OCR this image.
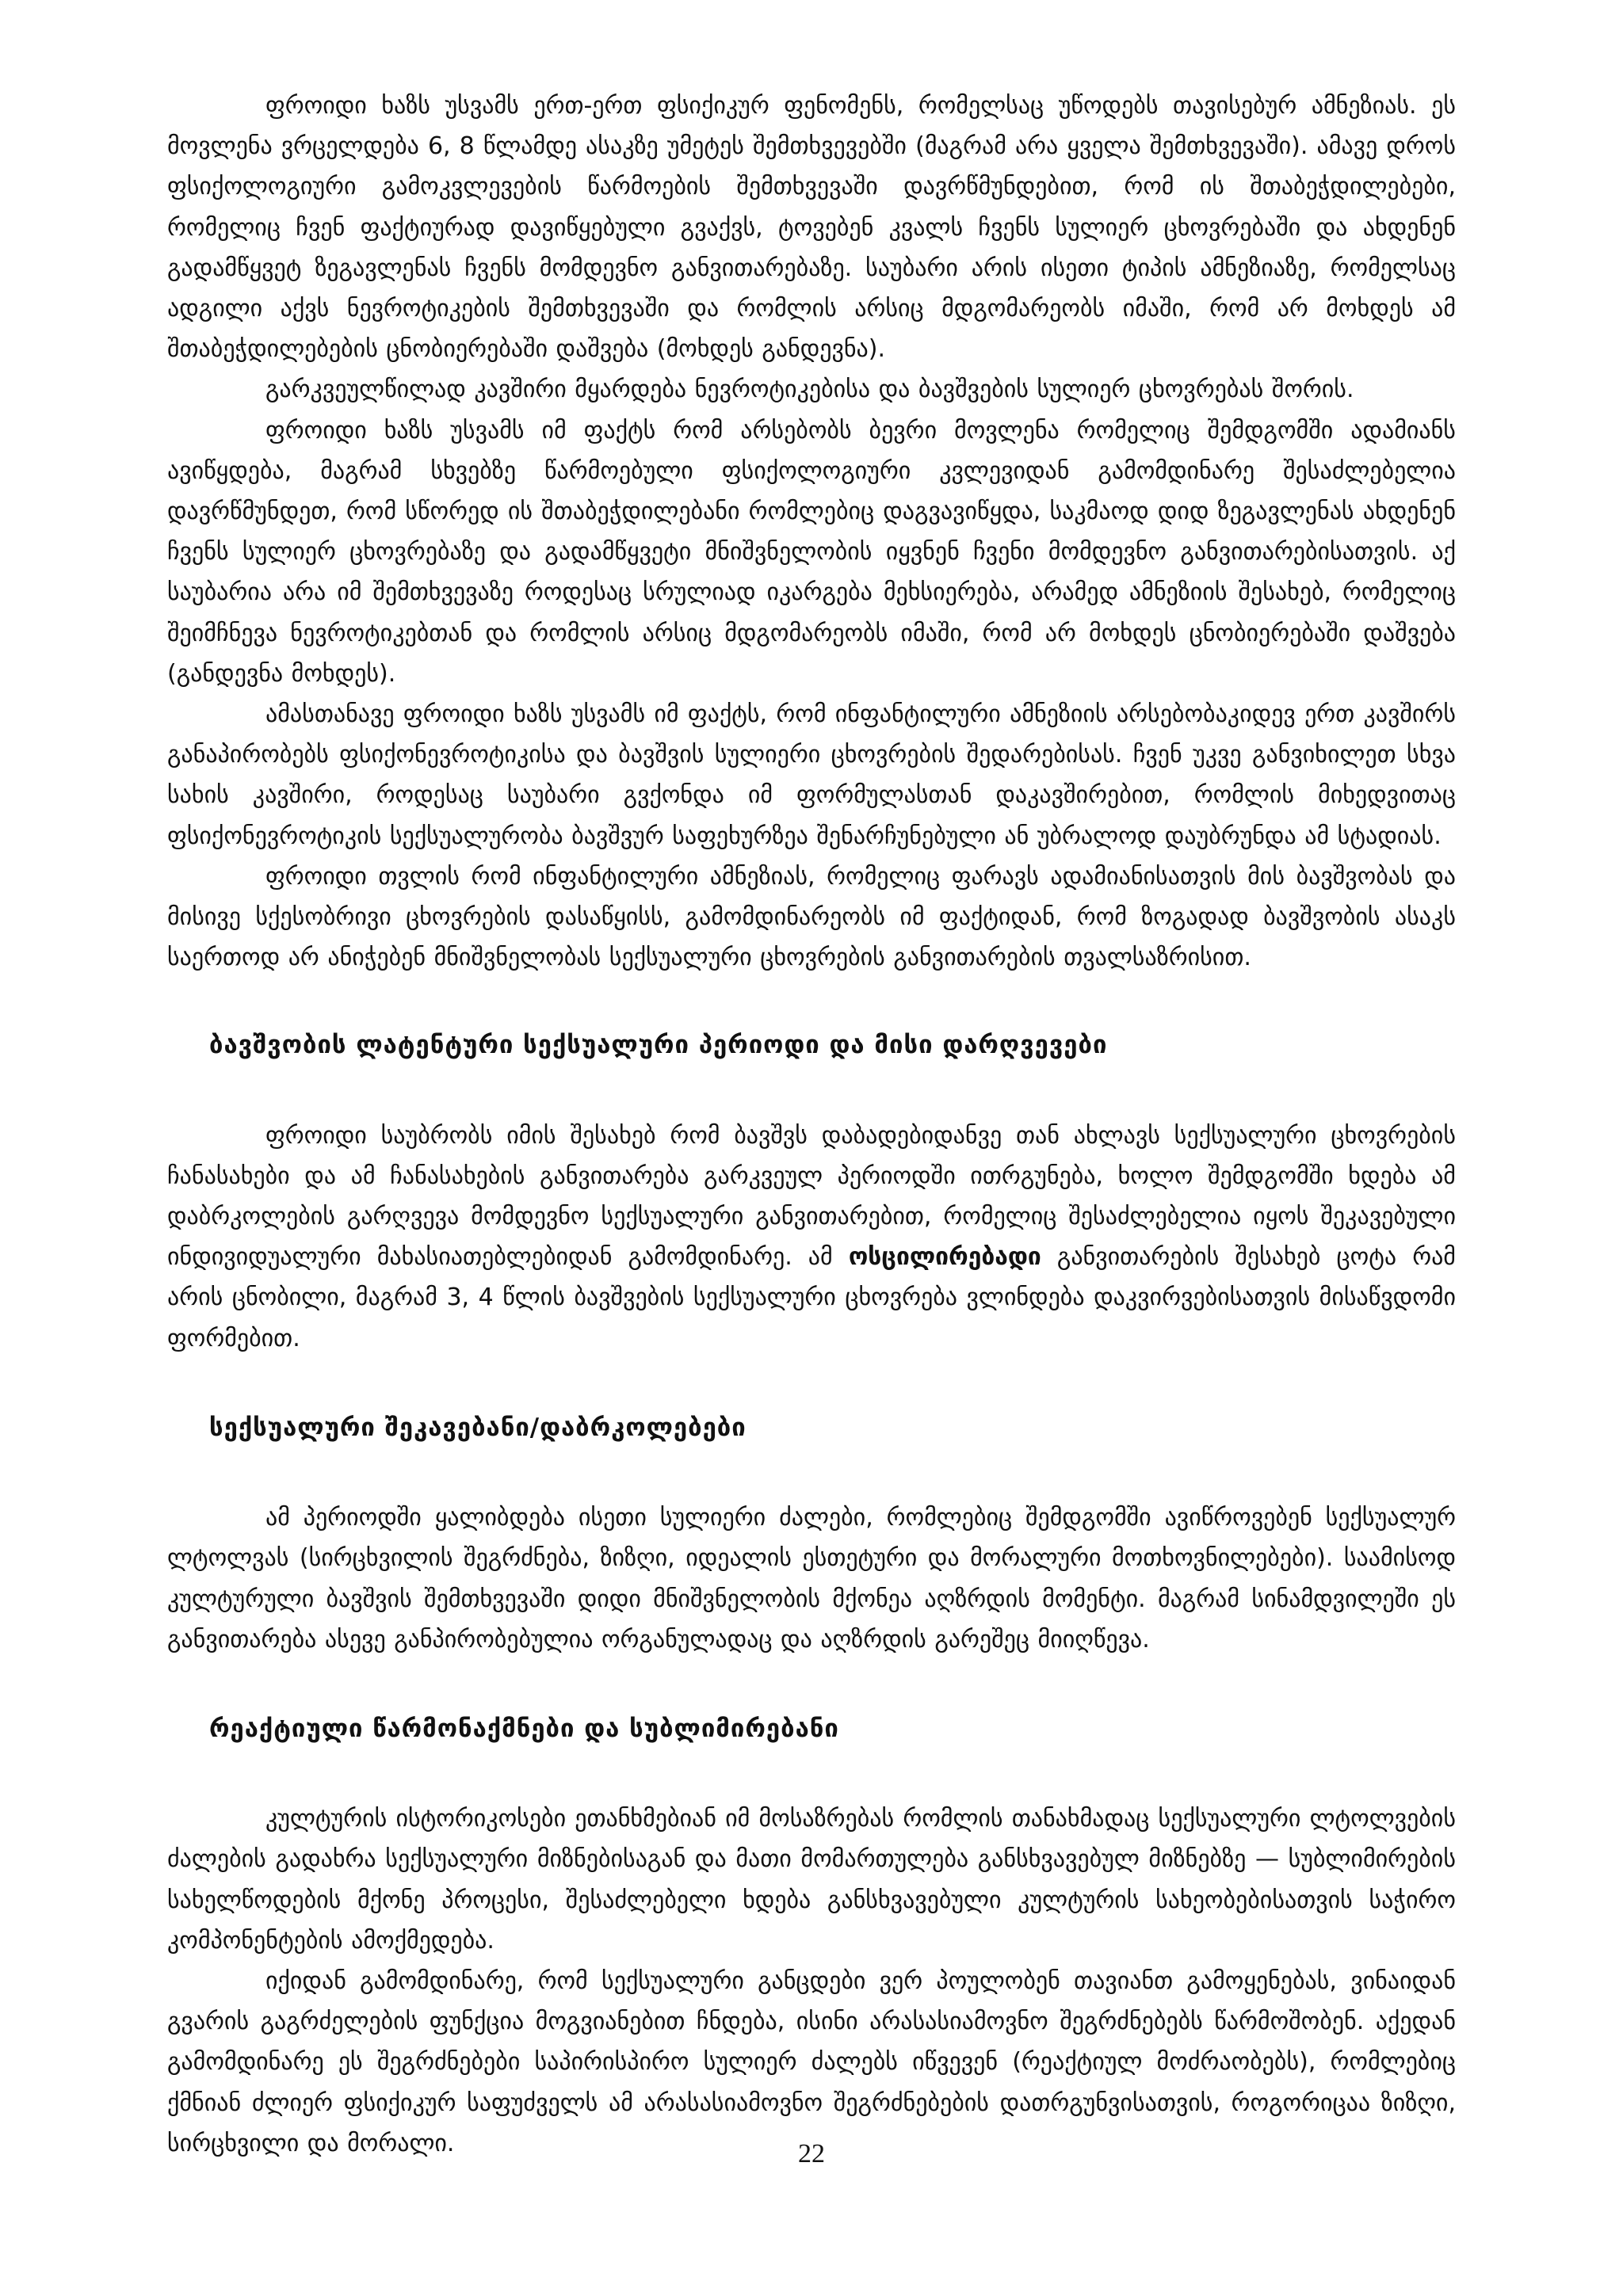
ფროიდი ხაზს უსვამს ერთ-ერთ ფსიქიკურ ფენომენს, რომელსაც უწოდებს თავისებურ ამნეზიას. ეს მოვლენა ვრცელდება 6, 8 წლამდე ასაკზე უმეტეს შემთხვევებში (მაგრამ არა ყველა შემთხვევაში). ამავე დროს ფსიქოლოგიური გამოკვლევების წარმოების შემთხვევაში დავრწმუნდებით, რომ ის შთაბეჭდილებები, რომელიც ჩვენ ფაქტიურად დავიწყებული გვაქვს, ტოვებენ კვალს ჩვენს სულიერ ცხოვრებაში და ახდენენ გადამწყვეტ ზეგავლენას ჩვენს მომდევნო განვითარებაზე. საუბარი არის ისეთი ტიპის ამნეზიაზე, რომელსაც ადგილი აქვს ნევროტიკების შემთხვევაში და რომლის არსიც მდგომარეობს იმაში, რომ არ მოხდეს ამ შთაბეჭდილებების ცნობიერებაში დაშვება (მოხდეს განდევნა).

გარკვეულწილად კავშირი მყარდება ნევროტიკებისა და ბავშვების სულიერ ცხოვრებას შორის.

ფროიდი ხაზს უსვამს იმ ფაქტს რომ არსებობს ბევრი მოვლენა რომელიც შემდგომში ადამიანს ავიწყდება, მაგრამ სხვებზე წარმოებული ფსიქოლოგიური კვლევიდან გამომდინარე შესაძლებელია დავრწმუნდეთ, რომ სწორედ ის შთაბეჭდილებანი რომლებიც დაგვავიწყდა, საკმაოდ დიდ ზეგავლენას ახდენენ ჩვენს სულიერ ცხოვრებაზე და გადამწყვეტი მნიშვნელობის იყვნენ ჩვენი მომდევნო განვითარებისათვის. აქ საუბარია არა იმ შემთხვევაზე როდესაც სრულიად იკარგება მეხსიერება, არამედ ამნეზიის შესახებ, რომელიც შეიმჩნევა ნევროტიკებთან და რომლის არსიც მდგომარეობს იმაში, რომ არ მოხდეს ცნობიერებაში დაშვება (განდევნა მოხდეს).

ამასთანავე ფროიდი ხაზს უსვამს იმ ფაქტს, რომ ინფანტილური ამნეზიის არსებობაკიდევ ერთ კავშირს განაპირობებს ფსიქონევროტიკისა და ბავშვის სულიერი ცხოვრების შედარებისას. ჩვენ უკვე განვიხილეთ სხვა სახის კავშირი, როდესაც საუბარი გვქონდა იმ ფორმულასთან დაკავშირებით, რომლის მიხედვითაც ფსიქონევროტიკის სექსუალურობა ბავშვურ საფეხურზეა შენარჩუნებული ან უბრალოდ დაუბრუნდა ამ სტადიას.

ფროიდი თვლის რომ ინფანტილური ამნეზიას, რომელიც ფარავს ადამიანისათვის მის ბავშვობას და მისივე სქესობრივი ცხოვრების დასაწყისს, გამომდინარეობს იმ ფაქტიდან, რომ ზოგადად ბავშვობის ასაკს საერთოდ არ ანიჭებენ მნიშვნელობას სექსუალური ცხოვრების განვითარების თვალსაზრისით.

ბავშვობის ლატენტური სექსუალური პერიოდი და მისი დარღვევები

ფროიდი საუბრობს იმის შესახებ რომ ბავშვს დაბადებიდანვე თან ახლავს სექსუალური ცხოვრების ჩანასახები და ამ ჩანასახების განვითარება გარკვეულ პერიოდში ითრგუნება, ხოლო შემდგომში ხდება ამ დაბრკოლების გარღვევა მომდევნო სექსუალური განვითარებით, რომელიც შესაძლებელია იყოს შეკავებული ინდივიდუალური მახასიათებლებიდან გამომდინარე. ამ ოსცილირებადი განვითარების შესახებ ცოტა რამ არის ცნობილი, მაგრამ 3, 4 წლის ბავშვების სექსუალური ცხოვრება ვლინდება დაკვირვებისათვის მისაწვდომი ფორმებით.

სექსუალური შეკავებანი/დაბრკოლებები

ამ პერიოდში ყალიბდება ისეთი სულიერი ძალები, რომლებიც შემდგომში ავიწროვებენ სექსუალურ ლტოლვას (სირცხვილის შეგრძნება, ზიზღი, იდეალის ესთეტური და მორალური მოთხოვნილებები). საამისოდ კულტურული ბავშვის შემთხვევაში დიდი მნიშვნელობის მქონეა აღზრდის მომენტი. მაგრამ სინამდვილეში ეს განვითარება ასევე განპირობებულია ორგანულადაც და აღზრდის გარეშეც მიიღწევა.

რეაქტიული წარმონაქმნები და სუბლიმირებანი

კულტურის ისტორიკოსები ეთანხმებიან იმ მოსაზრებას რომლის თანახმადაც სექსუალური ლტოლვების ძალების გადახრა სექსუალური მიზნებისაგან და მათი მომართულება განსხვავებულ მიზნებზე — სუბლიმირების სახელწოდების მქონე პროცესი, შესაძლებელი ხდება განსხვავებული კულტურის სახეობებისათვის საჭირო კომპონენტების ამოქმედება.

იქიდან გამომდინარე, რომ სექსუალური განცდები ვერ პოულობენ თავიანთ გამოყენებას, ვინაიდან გვარის გაგრძელების ფუნქცია მოგვიანებით ჩნდება, ისინი არასასიამოვნო შეგრძნებებს წარმოშობენ. აქედან გამომდინარე ეს შეგრძნებები საპირისპირო სულიერ ძალებს იწვევენ (რეაქტიულ მოძრაობებს), რომლებიც ქმნიან ძლიერ ფსიქიკურ საფუძველს ამ არასასიამოვნო შეგრძნებების დათრგუნვისათვის, როგორიცაა ზიზღი, სირცხვილი და მორალი.	22
